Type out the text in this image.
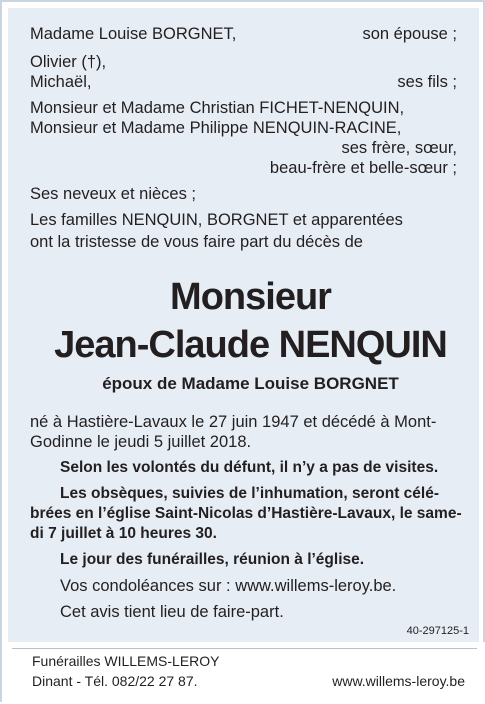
Madame Louise BORGNET,	son épouse ;
Olivier (†),
Michaël,	ses fils ;
Monsieur et Madame Christian FICHET-NENQUIN,
Monsieur et Madame Philippe NENQUIN-RACINE,
ses frère, sœur,
beau-frère et belle-sœur ;
Ses neveux et nièces ;
Les familles NENQUIN, BORGNET et apparentées
ont la tristesse de vous faire part du décès de
Monsieur
Jean-Claude NENQUIN
époux de Madame Louise BORGNET
né à Hastière-Lavaux le 27 juin 1947 et décédé à Mont-
Godinne le jeudi 5 juillet 2018.
Selon les volontés du défunt, il n’y a pas de visites.
Les obsèques, suivies de l’inhumation, seront célé-
brées en l’église Saint-Nicolas d’Hastière-Lavaux, le same-
di 7 juillet à 10 heures 30.
Le jour des funérailles, réunion à l’église.
Vos condoléances sur : www.willems-leroy.be.
Cet avis tient lieu de faire-part.
40-297125-1
Funérailles WILLEMS-LEROY
Dinant - Tél. 082/22 27 87.	www.willems-leroy.be
